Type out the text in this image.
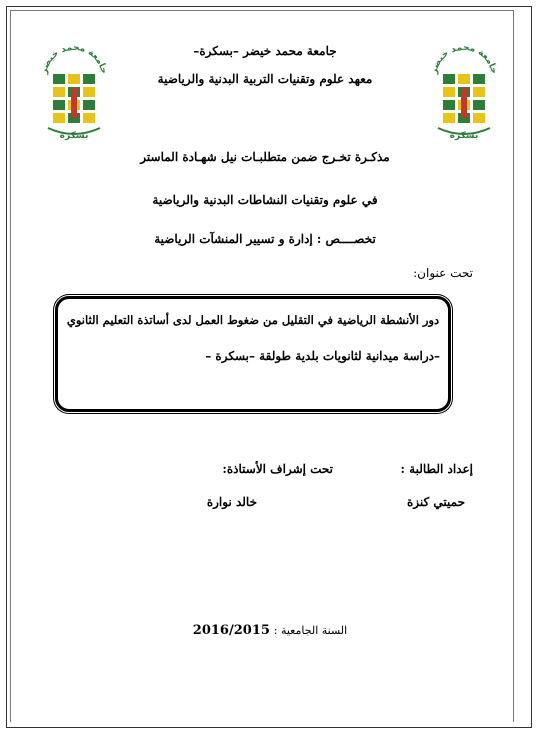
جامعة محمد خيضر
بسكرة
جامعة محمد خيضر
بسكرة
جامعة محمد خيضر –بسكرة–
معهد علوم وتقنيات التربية البدنية والرياضية
مذكـرة تخـرج ضمن متطلبـات نيل شهـادة الماستر
في علوم وتقنيات النشاطات البدنية والرياضية
تخصــــص : إدارة و تسيير المنشآت الرياضية
تحت عنوان:
دور الأنشطة الرياضية في التقليل من ضغوط العمل لدى أساتذة التعليم الثانوي
–دراسة ميدانية لثانويات بلدية طولقة –بسكرة –
إعداد الطالبة :
تحت إشراف الأستاذة:
حميتي كنزة
خالد نوارة
السنة الجامعية : 2016/2015
